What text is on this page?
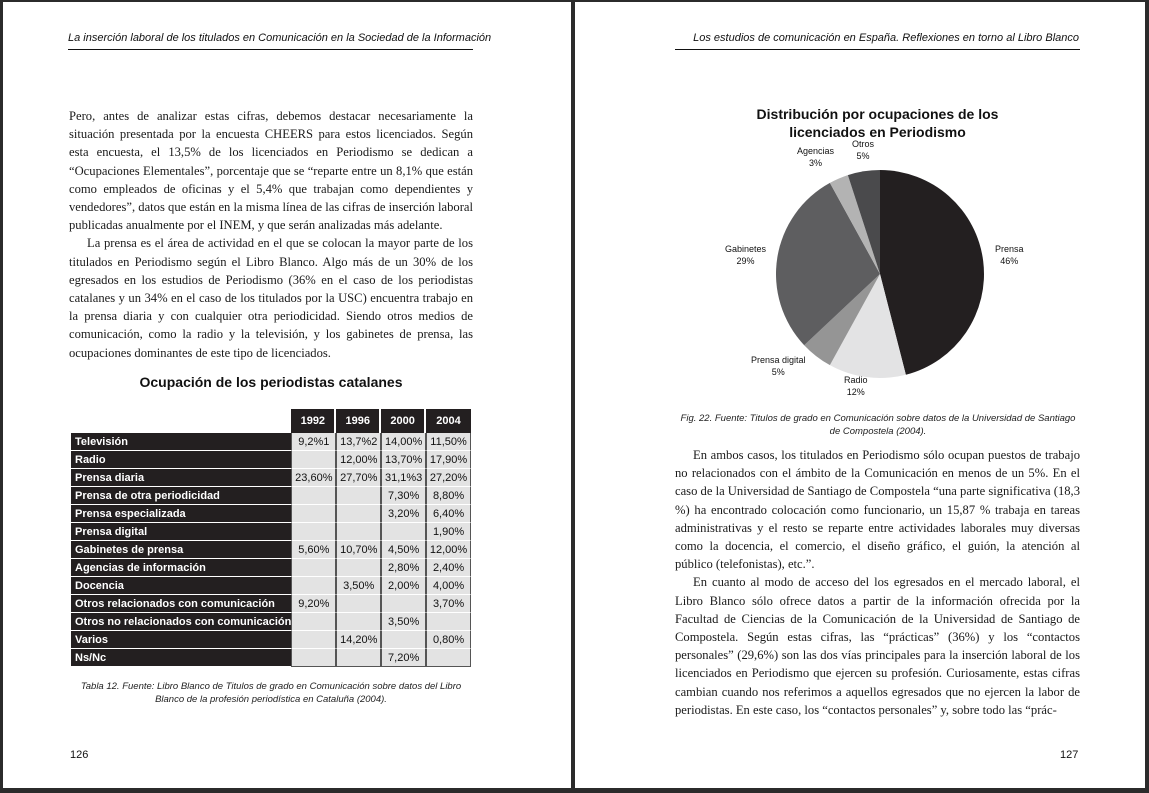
La inserción laboral de los titulados en Comunicación en la Sociedad de la Información

Pero, antes de analizar estas cifras, debemos destacar necesariamente la situación presentada por la encuesta CHEERS para estos licenciados. Según esta encuesta, el 13,5% de los licenciados en Periodismo se dedican a “Ocupaciones Elementales”, porcentaje que se “reparte entre un 8,1% que están como empleados de oficinas y el 5,4% que trabajan como dependientes y vendedores”, datos que están en la misma línea de las cifras de inserción laboral publicadas anualmente por el INEM, y que serán analizadas más adelante.

La prensa es el área de actividad en el que se colocan la mayor parte de los titulados en Periodismo según el Libro Blanco. Algo más de un 30% de los egresados en los estudios de Periodismo (36% en el caso de los periodistas catalanes y un 34% en el caso de los titulados por la USC) encuentra trabajo en la prensa diaria y con cualquier otra periodicidad. Siendo otros medios de comunicación, como la radio y la televisión, y los gabinetes de prensa, las ocupaciones dominantes de este tipo de licenciados.

Ocupación de los periodistas catalanes
	1992	1996	2000	2004
Televisión	9,2%1	13,7%2	14,00%	11,50%
Radio		12,00%	13,70%	17,90%
Prensa diaria	23,60%	27,70%	31,1%3	27,20%
Prensa de otra periodicidad			7,30%	8,80%
Prensa especializada			3,20%	6,40%
Prensa digital				1,90%
Gabinetes de prensa	5,60%	10,70%	4,50%	12,00%
Agencias de información			2,80%	2,40%
Docencia		3,50%	2,00%	4,00%
Otros relacionados con comunicación	9,20%			3,70%
Otros no relacionados con comunicación			3,50%	
Varios		14,20%		0,80%
Ns/Nc			7,20%	
Tabla 12. Fuente: Libro Blanco de Titulos de grado en Comunicación sobre datos del Libro
Blanco de la profesión periodística en Cataluña (2004).
126
Los estudios de comunicación en España. Reflexiones en torno al Libro Blanco
Distribución por ocupaciones de los
licenciados en Periodismo
Agencias
3%
Otros
5%
Gabinetes
29%
Prensa
46%
Prensa digital
5%
Radio
12%
Fig. 22. Fuente: Titulos de grado en Comunicación sobre datos de la Universidad de Santiago
de Compostela (2004).

En ambos casos, los titulados en Periodismo sólo ocupan puestos de trabajo no relacionados con el ámbito de la Comunicación en menos de un 5%. En el caso de la Universidad de Santiago de Compostela “una parte significativa (18,3 %) ha encontrado colocación como funcionario, un 15,87 % trabaja en tareas administrativas y el resto se reparte entre actividades laborales muy diversas como la docencia, el comercio, el diseño gráfico, el guión, la atención al público (telefonistas), etc.”.

En cuanto al modo de acceso del los egresados en el mercado laboral, el Libro Blanco sólo ofrece datos a partir de la información ofrecida por la Facultad de Ciencias de la Comunicación de la Universidad de Santiago de Compostela. Según estas cifras, las “prácticas” (36%) y los “contactos personales” (29,6%) son las dos vías principales para la inserción laboral de los licenciados en Periodismo que ejercen su profesión. Curiosamente, estas cifras cambian cuando nos referimos a aquellos egresados que no ejercen la labor de periodistas. En este caso, los “contactos personales” y, sobre todo las “prác-

127
